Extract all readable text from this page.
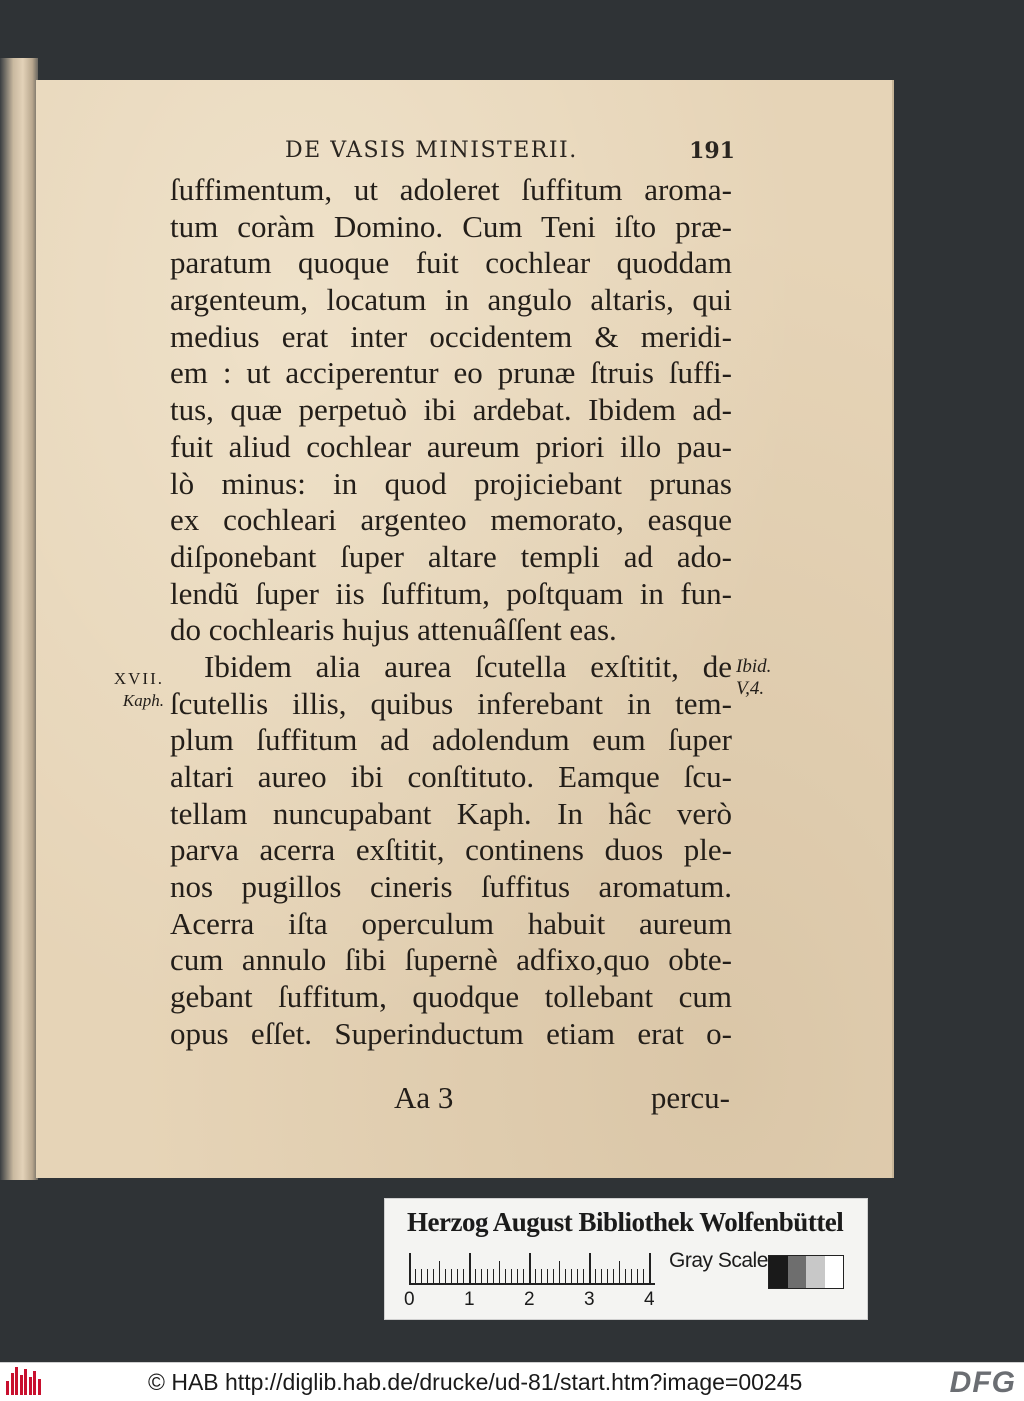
DE VASIS MINISTERII.	191
ſuffimentum, ut adoleret ſuffitum aroma-
tum coràm Domino. Cum Teni iſto præ-
paratum quoque fuit cochlear quoddam
argenteum, locatum in angulo altaris, qui
medius erat inter occidentem & meridi-
em : ut acciperentur eo prunæ ſtruis ſuffi-
tus, quæ perpetuò ibi ardebat. Ibidem ad-
fuit aliud cochlear aureum priori illo pau-
lò minus: in quod projiciebant prunas
ex cochleari argenteo memorato, easque
diſponebant ſuper altare templi ad ado-
lendũ ſuper iis ſuffitum, poſtquam in fun-
do cochlearis hujus attenuâſſent eas.
Ibidem alia aurea ſcutella exſtitit, de
ſcutellis illis, quibus inferebant in tem-
plum ſuffitum ad adolendum eum ſuper
altari aureo ibi conſtituto. Eamque ſcu-
tellam nuncupabant Kaph. In hâc verò
parva acerra exſtitit, continens duos ple-
nos pugillos cineris ſuffitus aromatum.
Acerra iſta operculum habuit aureum
cum annulo ſibi ſupernè adfixo,quo obte-
gebant ſuffitum, quodque tollebant cum
opus eſſet. Superinductum etiam erat o-
XVII.
Kaph.
Ibid.
V,4.
Aa 3	percu-
Herzog August Bibliothek Wolfenbüttel
0	1	2	3	4
Gray Scale
© HAB http://diglib.hab.de/drucke/ud-81/start.htm?image=00245	DFG
